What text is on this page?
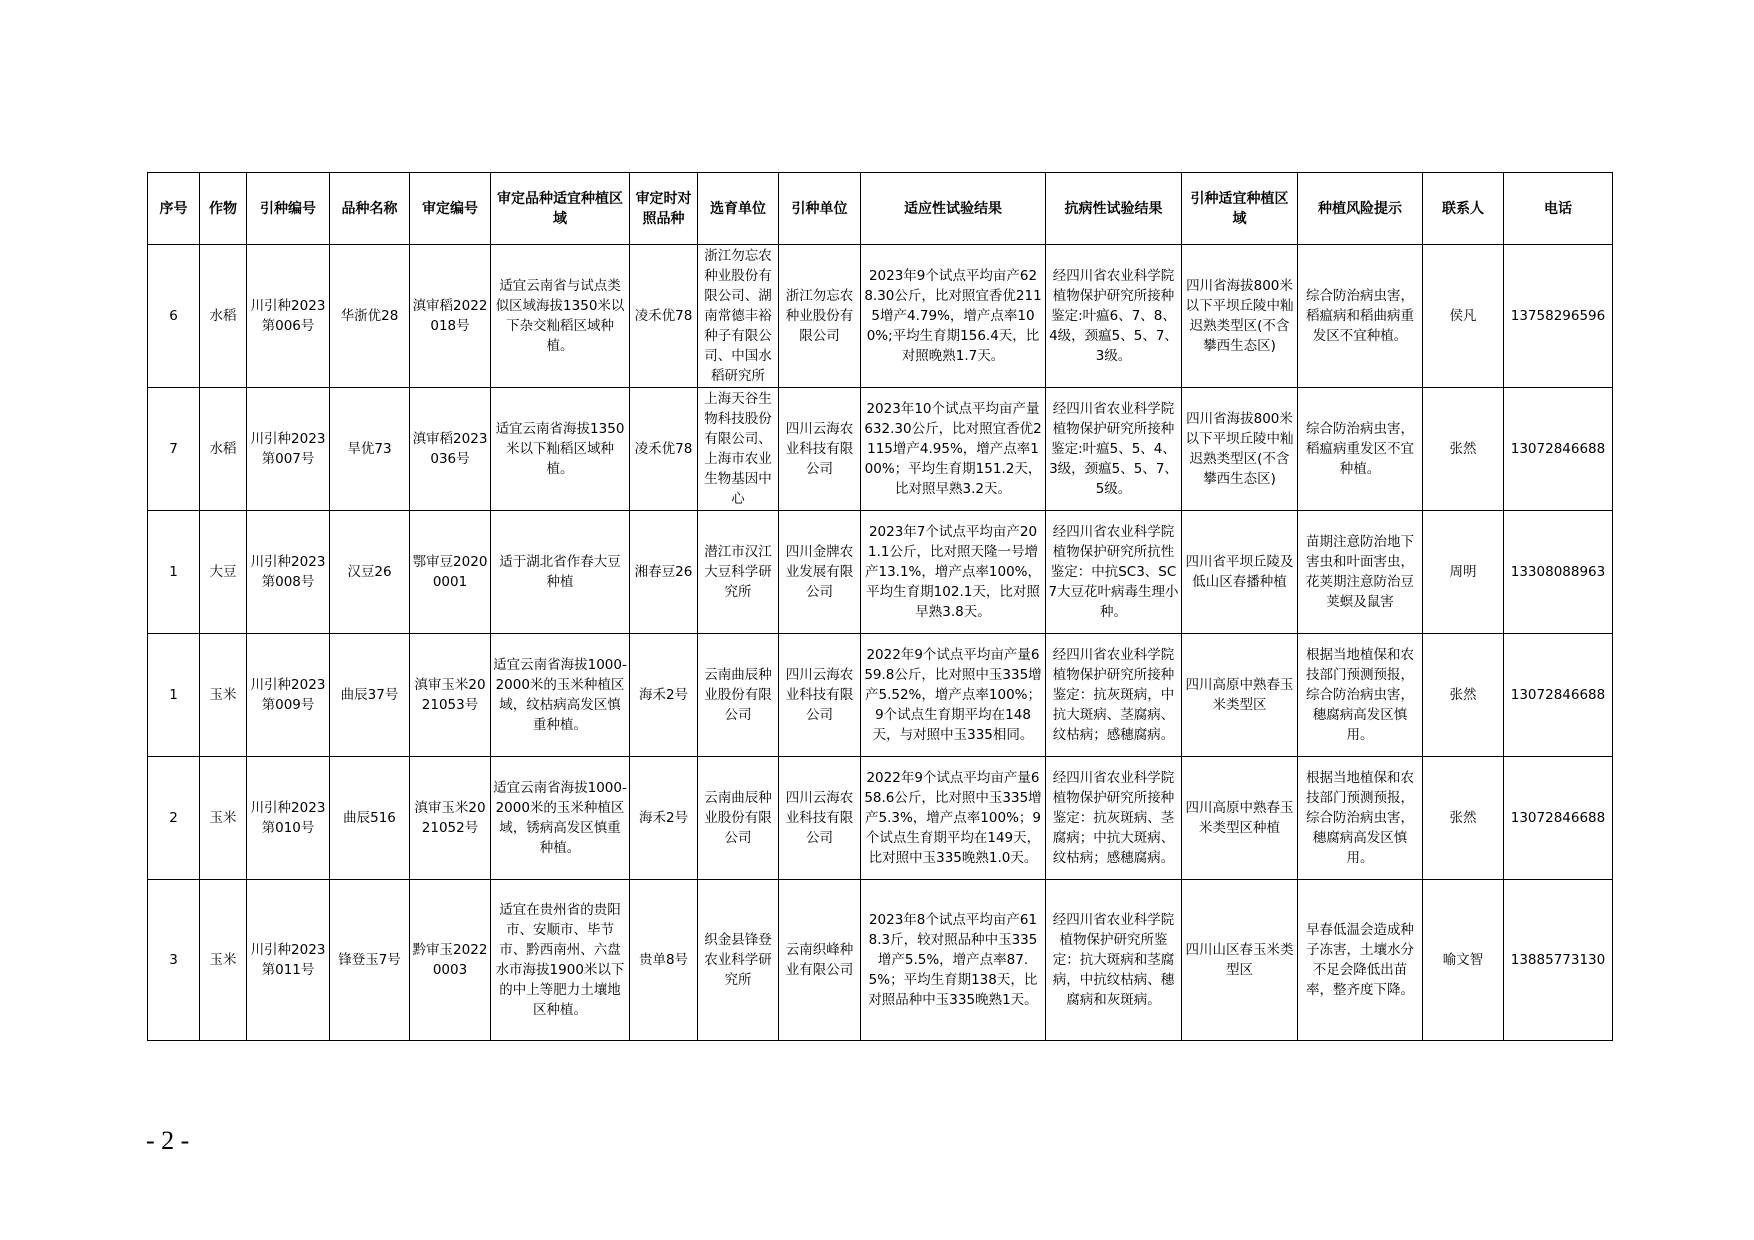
序号	作物	引种编号	品种名称	审定编号	审定品种适宜种植区域	审定时对照品种	选育单位	引种单位	适应性试验结果	抗病性试验结果	引种适宜种植区域	种植风险提示	联系人	电话
6	水稻	川引种2023第006号	华浙优28	滇审稻2022018号	适宜云南省与试点类似区域海拔1350米以下杂交籼稻区域种植。	凌禾优78	浙江勿忘农种业股份有限公司、湖南常德丰裕种子有限公司、中国水稻研究所	浙江勿忘农种业股份有限公司	2023年9个试点平均亩产628.30公斤，比对照宜香优2115增产4.79%，增产点率100%;平均生育期156.4天，比对照晚熟1.7天。	经四川省农业科学院植物保护研究所接种鉴定:叶瘟6、7、8、4级，颈瘟5、5、7、3级。	四川省海拔800米以下平坝丘陵中籼迟熟类型区(不含攀西生态区)	综合防治病虫害，稻瘟病和稻曲病重发区不宜种植。	侯凡	13758296596
7	水稻	川引种2023第007号	旱优73	滇审稻2023036号	适宜云南省海拔1350米以下籼稻区域种植。	凌禾优78	上海天谷生物科技股份有限公司、上海市农业生物基因中心	四川云海农业科技有限公司	2023年10个试点平均亩产量632.30公斤，比对照宜香优2115增产4.95%，增产点率100%；平均生育期151.2天，比对照早熟3.2天。	经四川省农业科学院植物保护研究所接种鉴定:叶瘟5、5、4、3级，颈瘟5、5、7、5级。	四川省海拔800米以下平坝丘陵中籼迟熟类型区(不含攀西生态区)	综合防治病虫害，稻瘟病重发区不宜种植。	张然	13072846688
1	大豆	川引种2023第008号	汉豆26	鄂审豆20200001	适于湖北省作春大豆种植	湘春豆26	潜江市汉江大豆科学研究所	四川金牌农业发展有限公司	2023年7个试点平均亩产201.1公斤，比对照天隆一号增产13.1%，增产点率100%，平均生育期102.1天，比对照早熟3.8天。	经四川省农业科学院植物保护研究所抗性鉴定：中抗SC3、SC7大豆花叶病毒生理小种。	四川省平坝丘陵及低山区春播种植	苗期注意防治地下害虫和叶面害虫，花荚期注意防治豆荚螟及鼠害	周明	13308088963
1	玉米	川引种2023第009号	曲辰37号	滇审玉米2021053号	适宜云南省海拔1000-2000米的玉米种植区域，纹枯病高发区慎重种植。	海禾2号	云南曲辰种业股份有限公司	四川云海农业科技有限公司	2022年9个试点平均亩产量659.8公斤，比对照中玉335增产5.52%，增产点率100%；9个试点生育期平均在148天，与对照中玉335相同。	经四川省农业科学院植物保护研究所接种鉴定：抗灰斑病，中抗大斑病、茎腐病、纹枯病；感穗腐病。	四川高原中熟春玉米类型区	根据当地植保和农技部门预测预报，综合防治病虫害，穗腐病高发区慎用。	张然	13072846688
2	玉米	川引种2023第010号	曲辰516	滇审玉米2021052号	适宜云南省海拔1000-2000米的玉米种植区域，锈病高发区慎重种植。	海禾2号	云南曲辰种业股份有限公司	四川云海农业科技有限公司	2022年9个试点平均亩产量658.6公斤，比对照中玉335增产5.3%，增产点率100%；9个试点生育期平均在149天，比对照中玉335晚熟1.0天。	经四川省农业科学院植物保护研究所接种鉴定：抗灰斑病、茎腐病；中抗大斑病、纹枯病；感穗腐病。	四川高原中熟春玉米类型区种植	根据当地植保和农技部门预测预报，综合防治病虫害，穗腐病高发区慎用。	张然	13072846688
3	玉米	川引种2023第011号	锋登玉7号	黔审玉20220003	适宜在贵州省的贵阳市、安顺市、毕节市、黔西南州、六盘水市海拔1900米以下的中上等肥力土壤地区种植。	贵单8号	织金县锋登农业科学研究所	云南织峰种业有限公司	2023年8个试点平均亩产618.3斤，较对照品种中玉335增产5.5%，增产点率87.5%；平均生育期138天，比对照品种中玉335晚熟1天。	经四川省农业科学院植物保护研究所鉴定：抗大斑病和茎腐病，中抗纹枯病、穗腐病和灰斑病。	四川山区春玉米类型区	早春低温会造成种子冻害，土壤水分不足会降低出苗率，整齐度下降。	喻文智	13885773130
- 2 -
